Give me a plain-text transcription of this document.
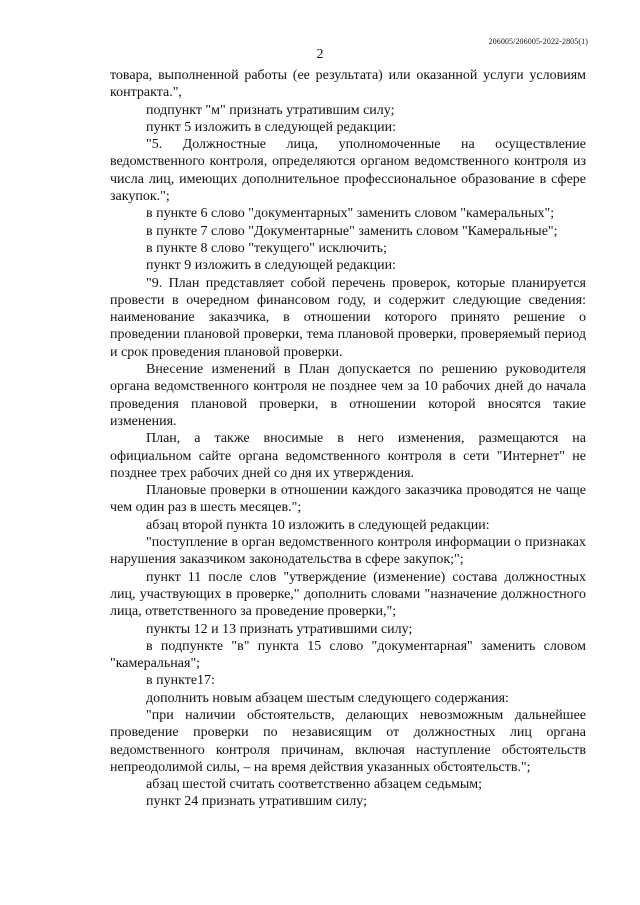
206005/206005-2022-2805(1)
2

товара, выполненной работы (ее результата) или оказанной услуги условиям контракта.",

подпункт "м" признать утратившим силу;

пункт 5 изложить в следующей редакции:

"5. Должностные лица, уполномоченные на осуществление ведомственного контроля, определяются органом ведомственного контроля из числа лиц, имеющих дополнительное профессиональное образование в сфере закупок.";

в пункте 6 слово "документарных" заменить словом "камеральных";

в пункте 7 слово "Документарные" заменить словом "Камеральные";

в пункте 8 слово "текущего" исключить;

пункт 9 изложить в следующей редакции:

"9. План представляет собой перечень проверок, которые планируется провести в очередном финансовом году, и содержит следующие сведения: наименование заказчика, в отношении которого принято решение о проведении плановой проверки, тема плановой проверки, проверяемый период и срок проведения плановой проверки.

Внесение изменений в План допускается по решению руководителя органа ведомственного контроля не позднее чем за 10 рабочих дней до начала проведения плановой проверки, в отношении которой вносятся такие изменения.

План, а также вносимые в него изменения, размещаются на официальном сайте органа ведомственного контроля в сети "Интернет" не позднее трех рабочих дней со дня их утверждения.

Плановые проверки в отношении каждого заказчика проводятся не чаще чем один раз в шесть месяцев.";

абзац второй пункта 10 изложить в следующей редакции:

"поступление в орган ведомственного контроля информации о признаках нарушения заказчиком законодательства в сфере закупок;";

пункт 11 после слов "утверждение (изменение) состава должностных лиц, участвующих в проверке," дополнить словами "назначение должностного лица, ответственного за проведение проверки,";

пункты 12 и 13 признать утратившими силу;

в подпункте "в" пункта 15 слово "документарная" заменить словом "камеральная";

в пункте17:

дополнить новым абзацем шестым следующего содержания:

"при наличии обстоятельств, делающих невозможным дальнейшее проведение проверки по независящим от должностных лиц органа ведомственного контроля причинам, включая наступление обстоятельств непреодолимой силы, – на время действия указанных обстоятельств.";

абзац шестой считать соответственно абзацем седьмым;

пункт 24 признать утратившим силу;
